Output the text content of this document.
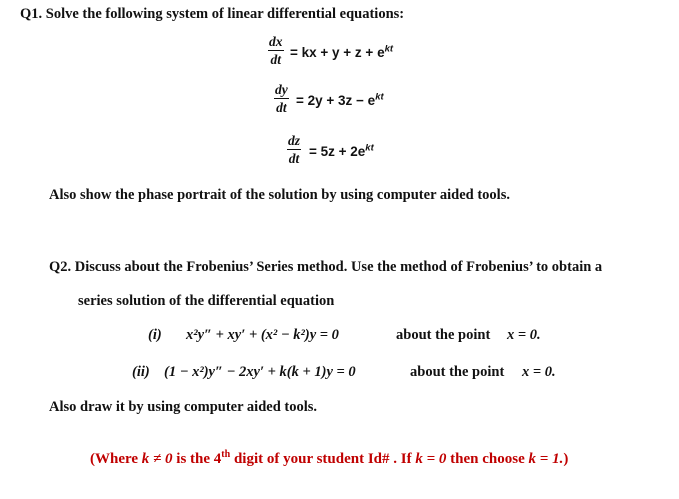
Q1. Solve the following system of linear differential equations:
dx
dt = kx + $y + z + e^{kt}$
dy
dt = $2y + 3z - e^{kt}$
dz
dt = $5z + 2e^{kt}$
Also show the phase portrait of the solution by using computer aided tools.
Q2. Discuss about the Frobenius’ Series method. Use the method of Frobenius’ to obtain a
series solution of the differential equation
(i) x²y″ + xy′ + (x² − k²)y = 0	about the point x = 0.
(ii) (1 − x²)y″ − 2xy′ + k(k + 1)y = 0	about the point x = 0.
Also draw it by using computer aided tools.
(Where k ≠ 0 is the 4th digit of your student Id# . If k = 0 then choose k = 1.)
